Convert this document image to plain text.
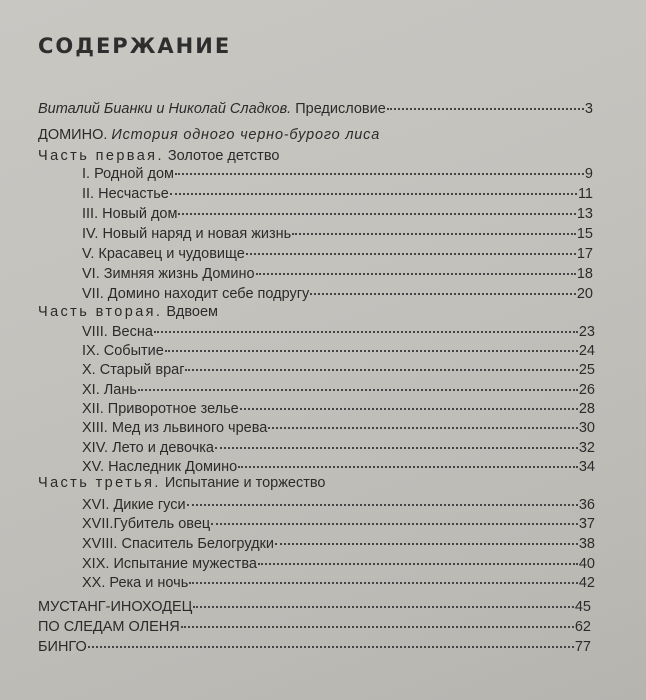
СОДЕРЖАНИЕ
Виталий Бианки и Николай Сладков. Предисловие	3
ДОМИНО. История одного черно-бурого лиса
Часть первая. Золотое детство
I. Родной дом	9
II. Несчастье	11
III. Новый дом	13
IV. Новый наряд и новая жизнь	15
V. Красавец и чудовище	17
VI. Зимняя жизнь Домино	18
VII. Домино находит себе подругу	20
Часть вторая. Вдвоем
VIII. Весна	23
IX. Событие	24
X. Старый враг	25
XI. Лань	26
XII. Приворотное зелье	28
XIII. Мед из львиного чрева	30
XIV. Лето и девочка	32
XV. Наследник Домино	34
Часть третья. Испытание и торжество
XVI. Дикие гуси	36
XVII.Губитель овец	37
XVIII. Спаситель Белогрудки	38
XIX. Испытание мужества	40
XX. Река и ночь	42
МУСТАНГ-ИНОХОДЕЦ	45
ПО СЛЕДАМ ОЛЕНЯ	62
БИНГО	77
